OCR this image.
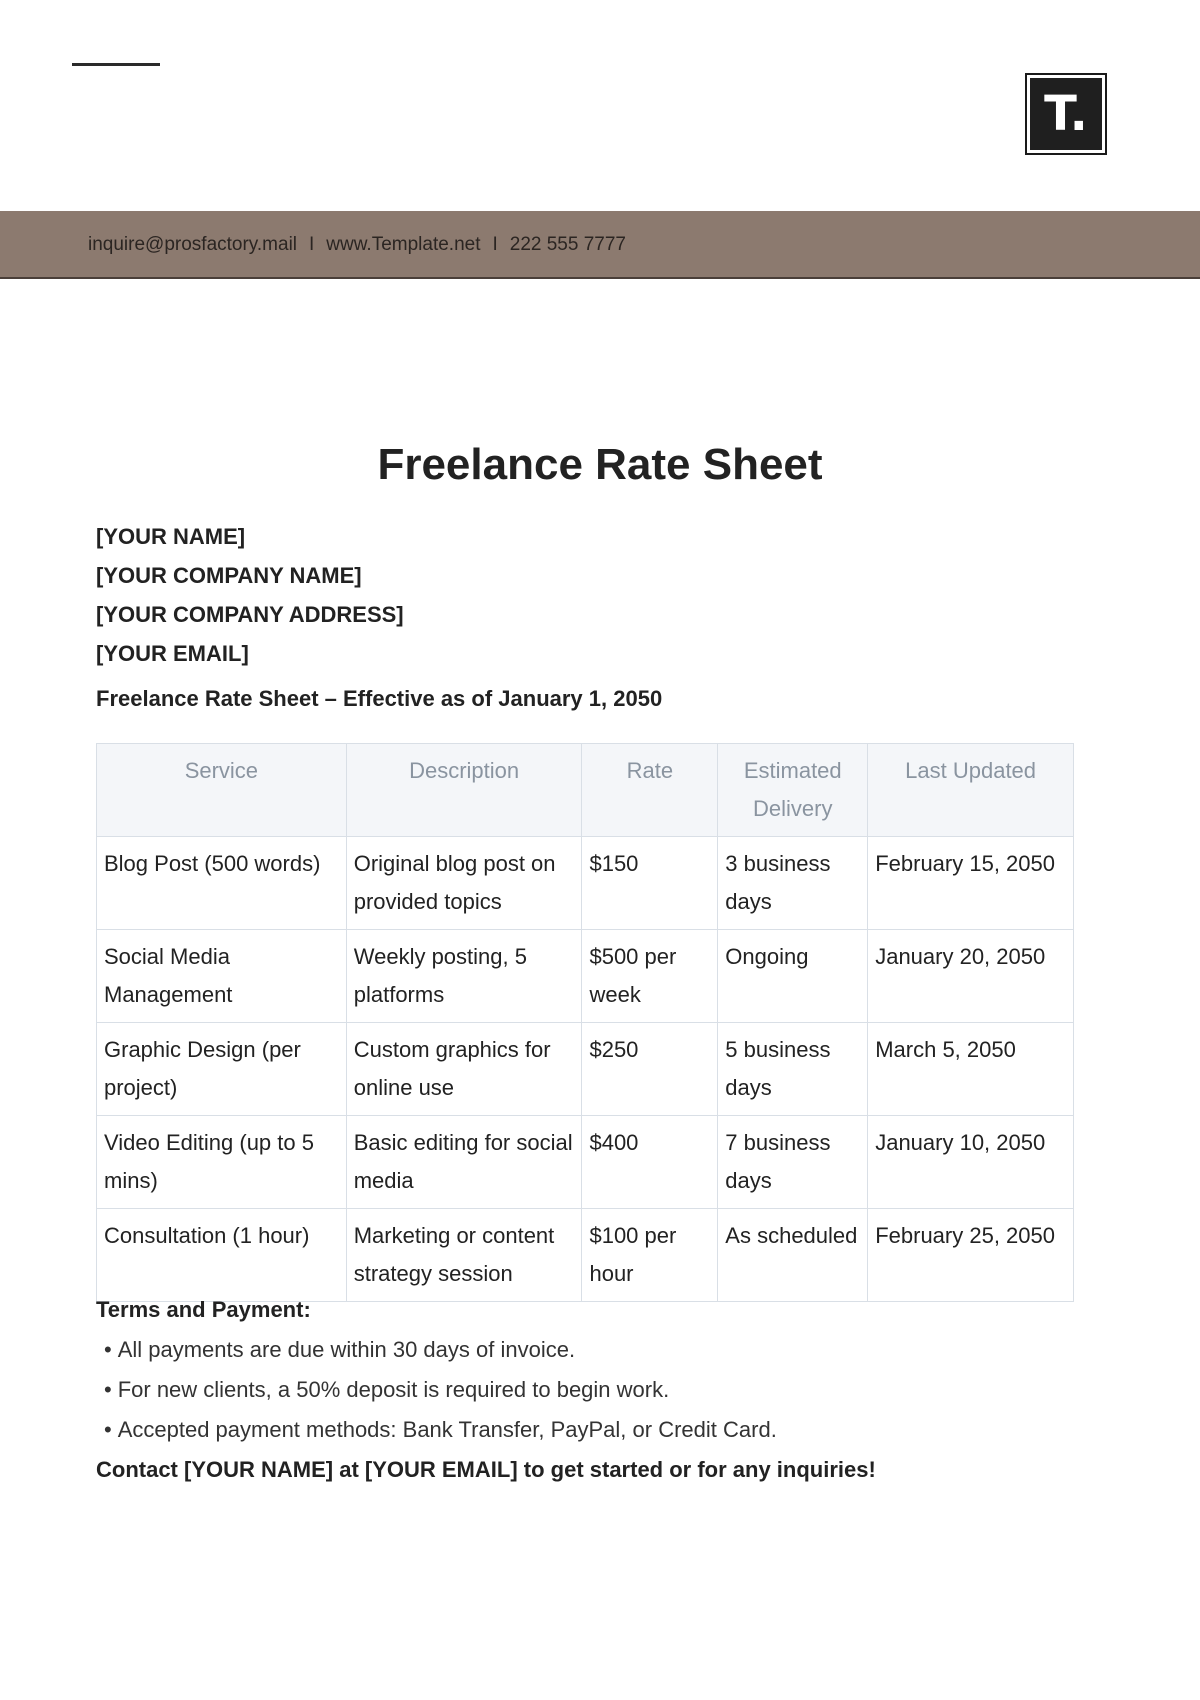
T.
inquire@prosfactory.mail I www.Template.net I 222 555 7777
Freelance Rate Sheet
[YOUR NAME]
[YOUR COMPANY NAME]
[YOUR COMPANY ADDRESS]
[YOUR EMAIL]
Freelance Rate Sheet – Effective as of January 1, 2050
Service	Description	Rate	Estimated Delivery	Last Updated
Blog Post (500 words)	Original blog post on provided topics	$150	3 business days	February 15, 2050
Social Media Management	Weekly posting, 5 platforms	$500 per week	Ongoing	January 20, 2050
Graphic Design (per project)	Custom graphics for online use	$250	5 business days	March 5, 2050
Video Editing (up to 5 mins)	Basic editing for social media	$400	7 business days	January 10, 2050
Consultation (1 hour)	Marketing or content strategy session	$100 per hour	As scheduled	February 25, 2050
Terms and Payment:
• All payments are due within 30 days of invoice.
• For new clients, a 50% deposit is required to begin work.
• Accepted payment methods: Bank Transfer, PayPal, or Credit Card.
Contact [YOUR NAME] at [YOUR EMAIL] to get started or for any inquiries!
